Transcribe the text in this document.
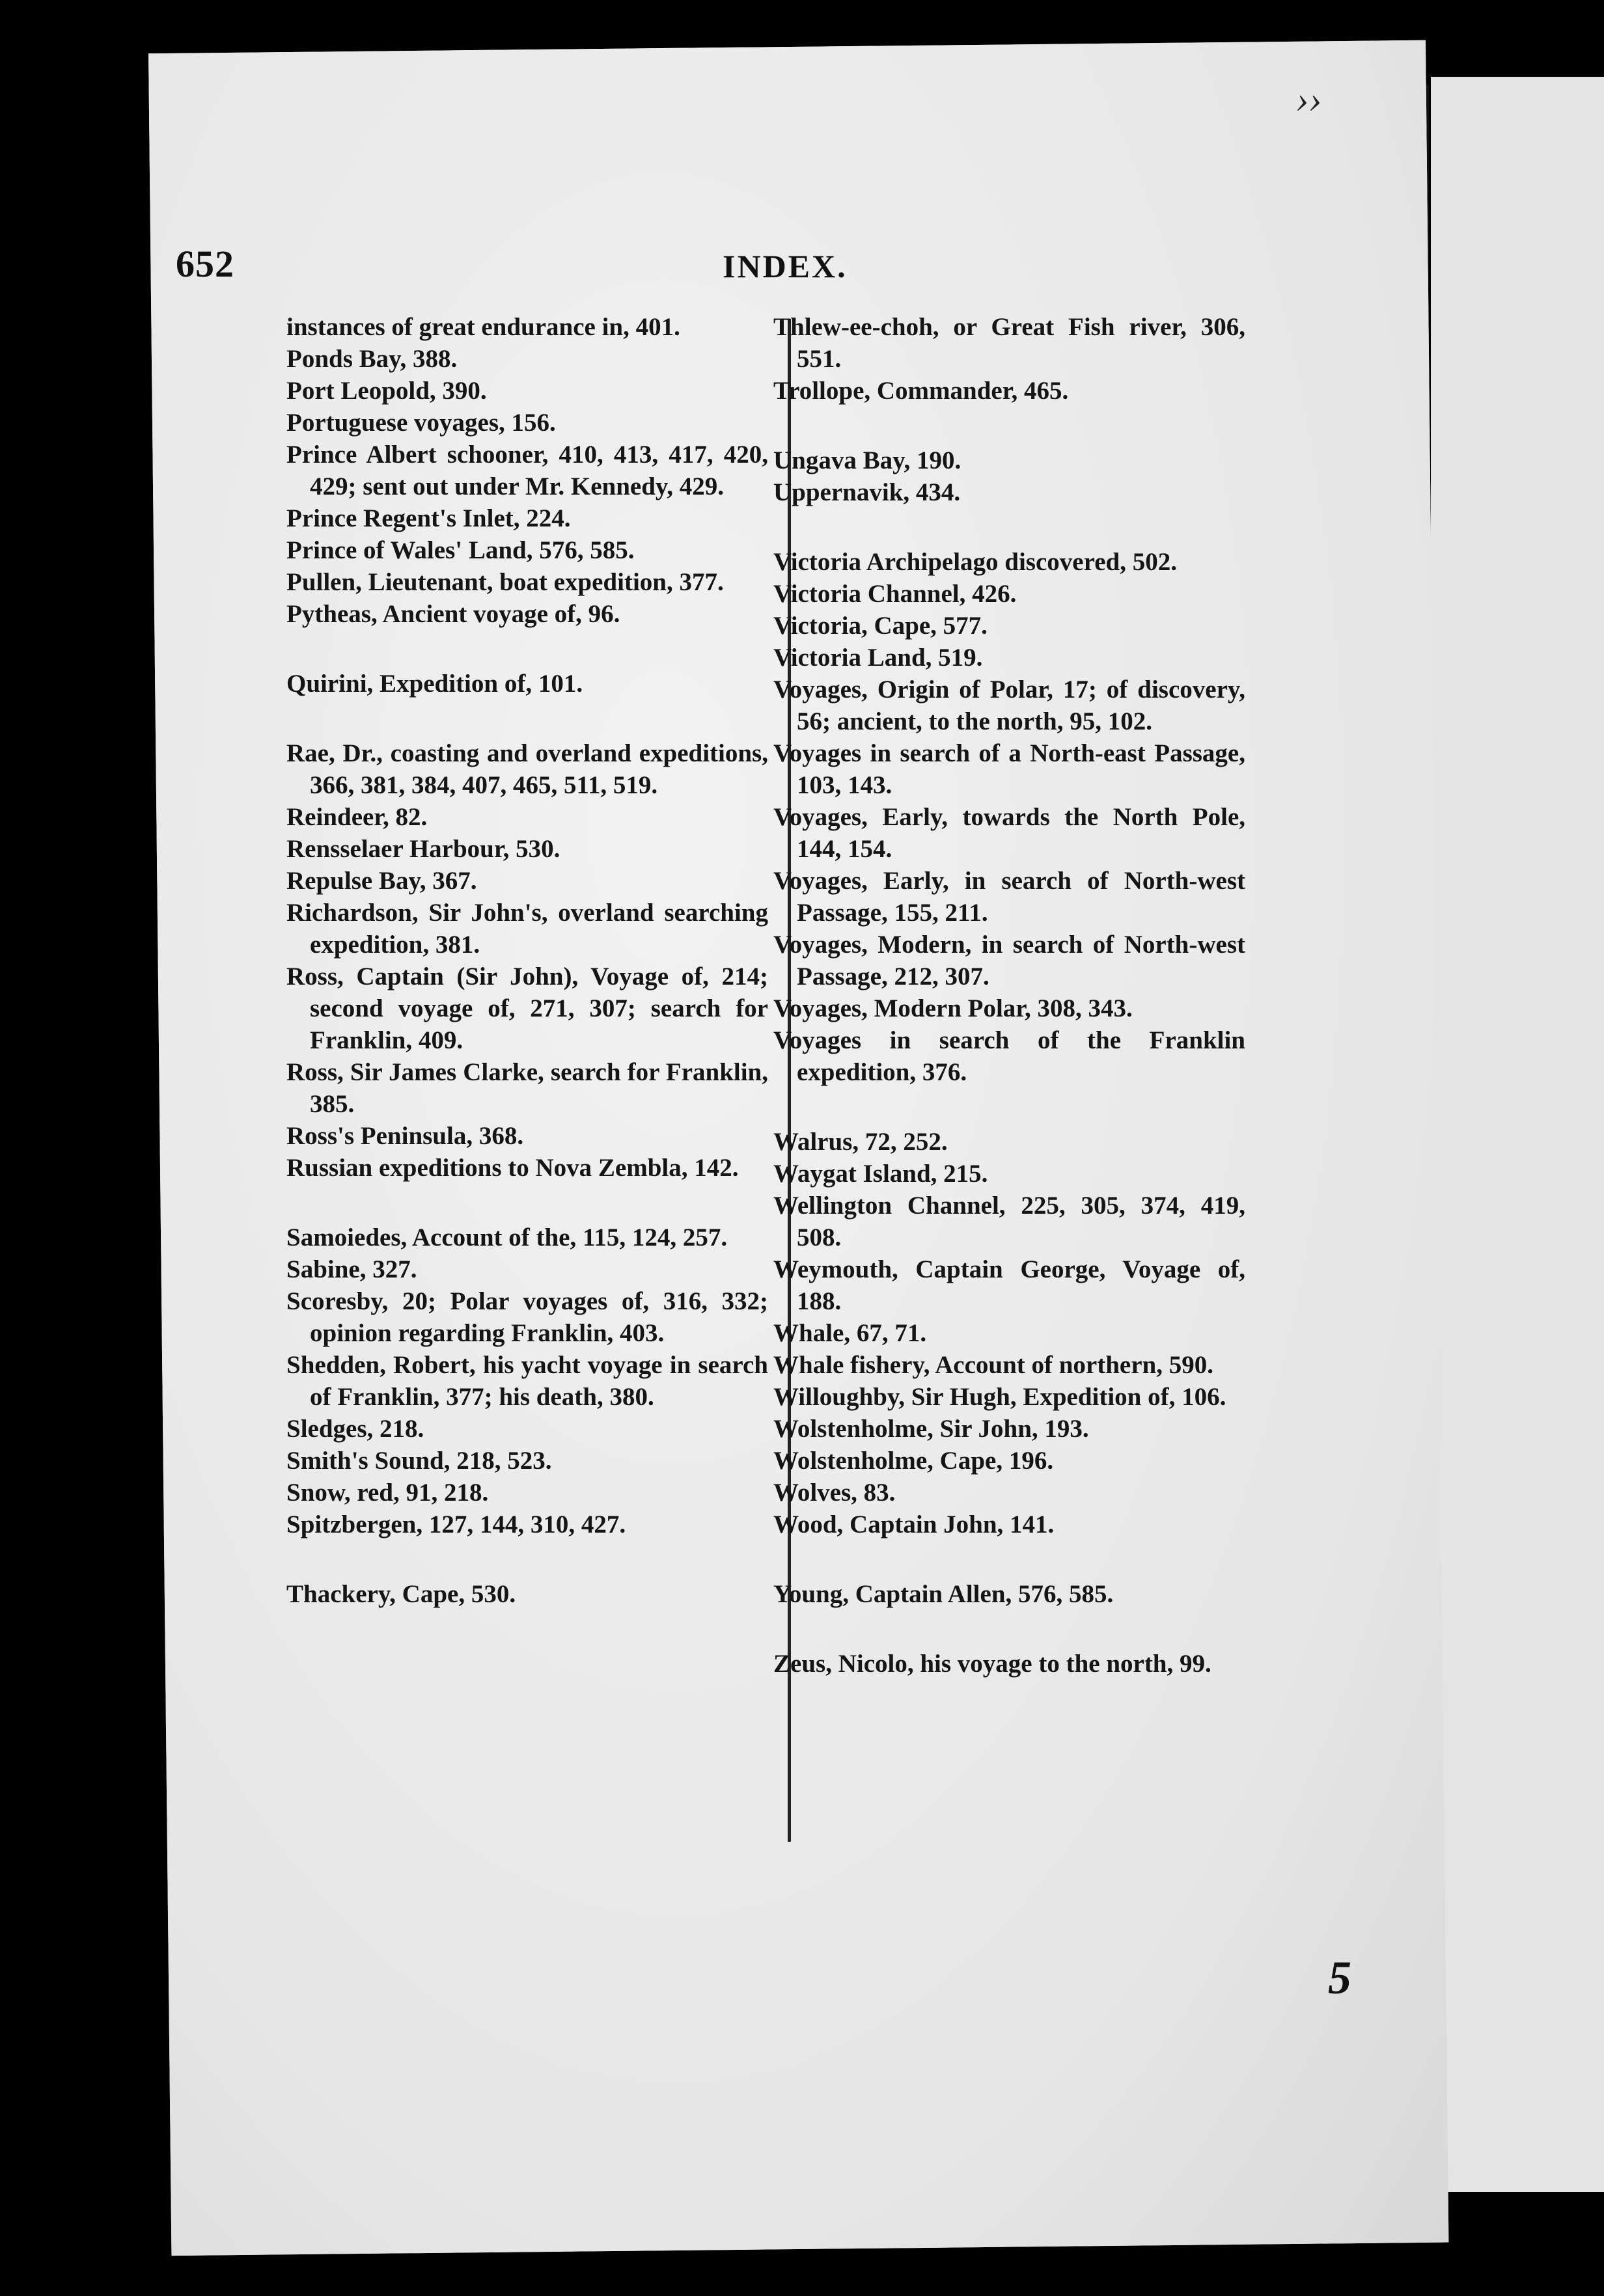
››
652	INDEX.

instances of great endurance in, 401.

Ponds Bay, 388.

Port Leopold, 390.

Portuguese voyages, 156.

Prince Albert schooner, 410, 413, 417, 420, 429; sent out under Mr. Kennedy, 429.

Prince Regent's Inlet, 224.

Prince of Wales' Land, 576, 585.

Pullen, Lieutenant, boat expedition, 377.

Pytheas, Ancient voyage of, 96.

Quirini, Expedition of, 101.

Rae, Dr., coasting and overland expeditions, 366, 381, 384, 407, 465, 511, 519.

Reindeer, 82.

Rensselaer Harbour, 530.

Repulse Bay, 367.

Richardson, Sir John's, overland searching expedition, 381.

Ross, Captain (Sir John), Voyage of, 214; second voyage of, 271, 307; search for Franklin, 409.

Ross, Sir James Clarke, search for Franklin, 385.

Ross's Peninsula, 368.

Russian expeditions to Nova Zembla, 142.

Samoiedes, Account of the, 115, 124, 257.

Sabine, 327.

Scoresby, 20; Polar voyages of, 316, 332; opinion regarding Franklin, 403.

Shedden, Robert, his yacht voyage in search of Franklin, 377; his death, 380.

Sledges, 218.

Smith's Sound, 218, 523.

Snow, red, 91, 218.

Spitzbergen, 127, 144, 310, 427.

Thackery, Cape, 530.

Thlew-ee-choh, or Great Fish river, 306, 551.

Trollope, Commander, 465.

Ungava Bay, 190.

Uppernavik, 434.

Victoria Archipelago discovered, 502.

Victoria Channel, 426.

Victoria, Cape, 577.

Victoria Land, 519.

Voyages, Origin of Polar, 17; of discovery, 56; ancient, to the north, 95, 102.

Voyages in search of a North-east Passage, 103, 143.

Voyages, Early, towards the North Pole, 144, 154.

Voyages, Early, in search of North-west Passage, 155, 211.

Voyages, Modern, in search of North-west Passage, 212, 307.

Voyages, Modern Polar, 308, 343.

Voyages in search of the Franklin expedition, 376.

Walrus, 72, 252.

Waygat Island, 215.

Wellington Channel, 225, 305, 374, 419, 508.

Weymouth, Captain George, Voyage of, 188.

Whale, 67, 71.

Whale fishery, Account of northern, 590.

Willoughby, Sir Hugh, Expedition of, 106.

Wolstenholme, Sir John, 193.

Wolstenholme, Cape, 196.

Wolves, 83.

Wood, Captain John, 141.

Young, Captain Allen, 576, 585.

Zeus, Nicolo, his voyage to the north, 99.

5
